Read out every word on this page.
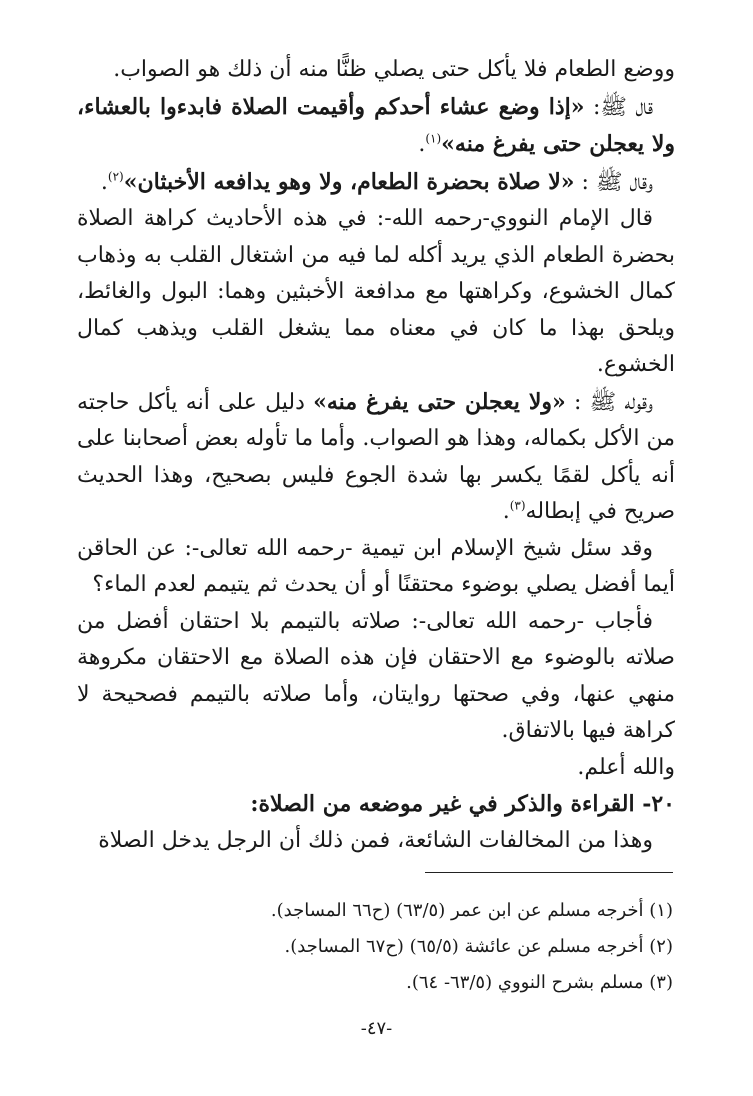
ووضع الطعام فلا يأكل حتى يصلي ظنًّا منه أن ذلك هو الصواب.

قال ﷺ: «إذا وضع عشاء أحدكم وأقيمت الصلاة فابدءوا بالعشاء، ولا يعجلن حتى يفرغ منه»$^{(١)}$.

وقال ﷺ : «لا صلاة بحضرة الطعام، ولا وهو يدافعه الأخبثان»$^{(٢)}$.

قال الإمام النووي-رحمه الله-: في هذه الأحاديث كراهة الصلاة بحضرة الطعام الذي يريد أكله لما فيه من اشتغال القلب به وذهاب كمال الخشوع، وكراهتها مع مدافعة الأخبثين وهما: البول والغائط، ويلحق بهذا ما كان في معناه مما يشغل القلب ويذهب كمال الخشوع.

وقوله ﷺ : «ولا يعجلن حتى يفرغ منه» دليل على أنه يأكل حاجته من الأكل بكماله، وهذا هو الصواب. وأما ما تأوله بعض أصحابنا على أنه يأكل لقمًا يكسر بها شدة الجوع فليس بصحيح، وهذا الحديث صريح في إبطاله$^{(٣)}$.

وقد سئل شيخ الإسلام ابن تيمية -رحمه الله تعالى-: عن الحاقن أيما أفضل يصلي بوضوء محتقنًا أو أن يحدث ثم يتيمم لعدم الماء؟

فأجاب -رحمه الله تعالى-: صلاته بالتيمم بلا احتقان أفضل من صلاته بالوضوء مع الاحتقان فإن هذه الصلاة مع الاحتقان مكروهة منهي عنها، وفي صحتها روايتان، وأما صلاته بالتيمم فصحيحة لا كراهة فيها بالاتفاق.

والله أعلم.

٢٠- القراءة والذكر في غير موضعه من الصلاة:

وهذا من المخالفات الشائعة، فمن ذلك أن الرجل يدخل الصلاة

(١) أخرجه مسلم عن ابن عمر (٦٣/٥) (ح٦٦ المساجد).

(٢) أخرجه مسلم عن عائشة (٦٥/٥) (ح٦٧ المساجد).

(٣) مسلم بشرح النووي (٦٣/٥- ٦٤).

-٤٧-
